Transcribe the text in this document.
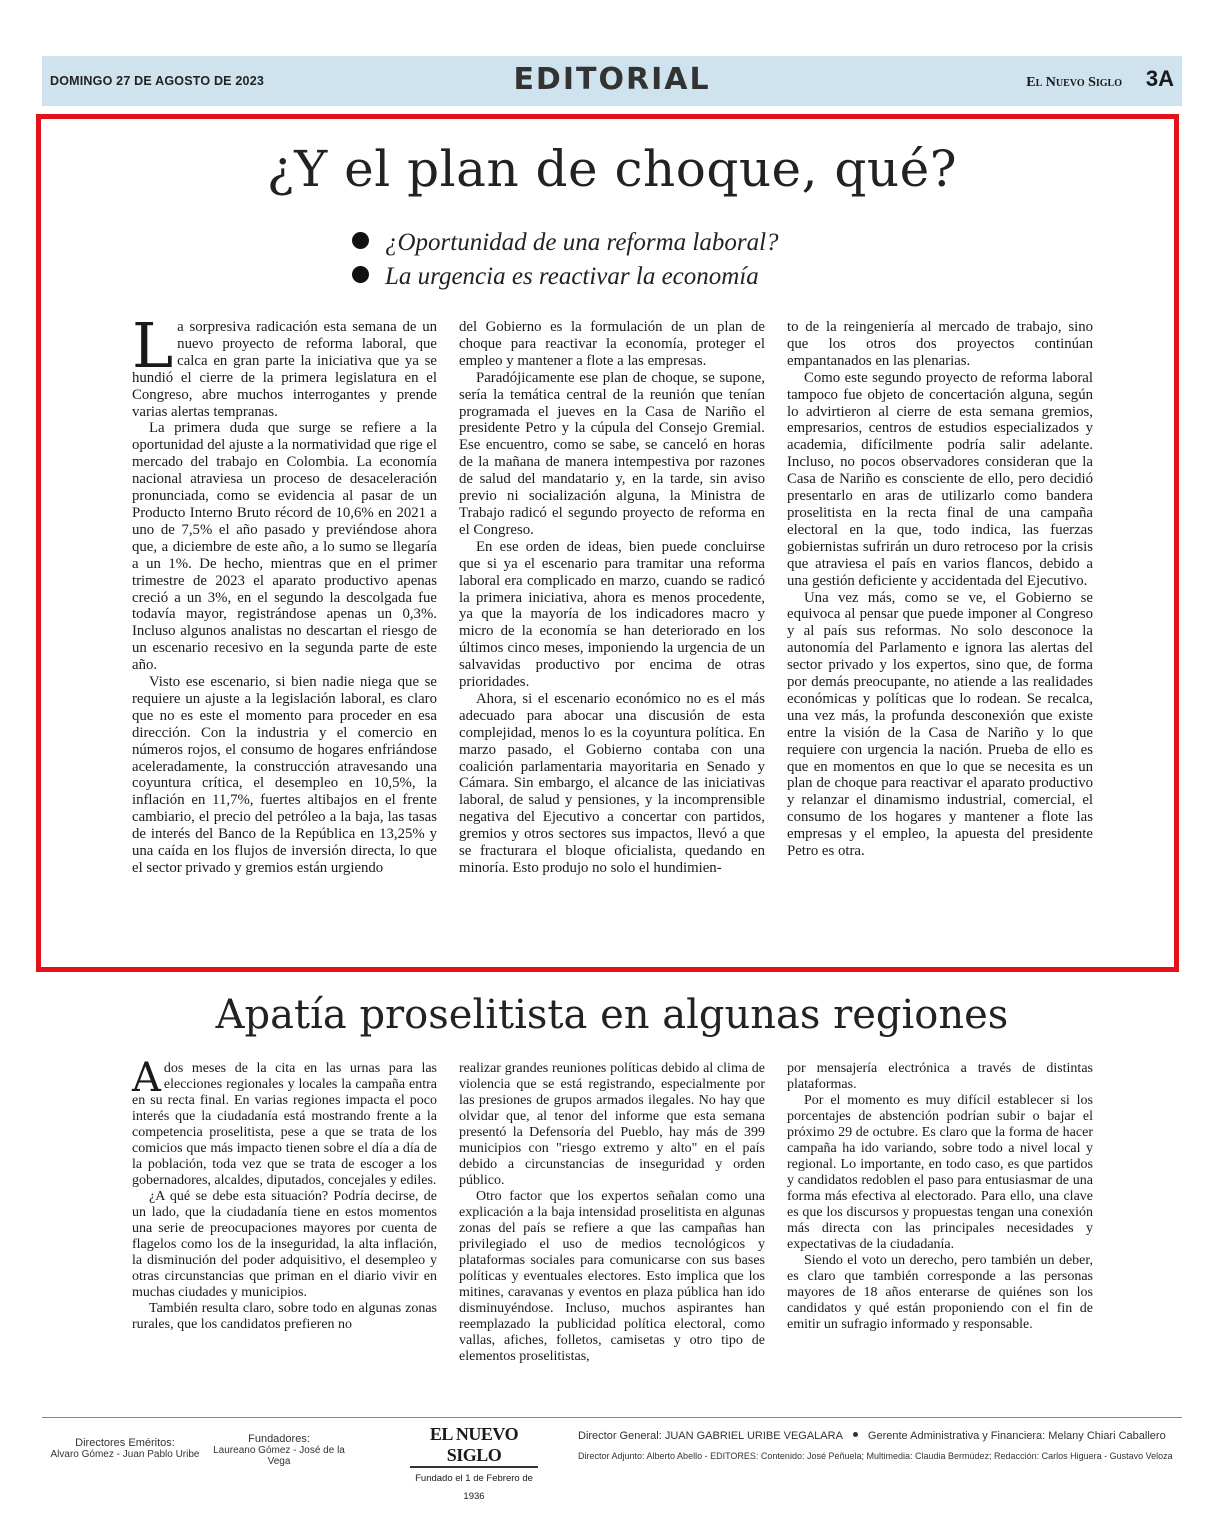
DOMINGO 27 DE AGOSTO DE 2023	EDITORIAL	El Nuevo Siglo 3A
¿Y el plan de choque, qué?
¿Oportunidad de una reforma laboral?
La urgencia es reactivar la economía

La sorpresiva radicación esta semana de un nuevo proyecto de reforma laboral, que calca en gran parte la iniciativa que ya se hundió el cierre de la primera legislatura en el Congreso, abre muchos interrogantes y prende varias alertas tempranas.

La primera duda que surge se refiere a la oportunidad del ajuste a la normatividad que rige el mercado del trabajo en Colombia. La economía nacional atraviesa un proceso de desaceleración pronunciada, como se evidencia al pasar de un Producto Interno Bruto récord de 10,6% en 2021 a uno de 7,5% el año pasado y previéndose ahora que, a diciembre de este año, a lo sumo se llegaría a un 1%. De hecho, mientras que en el primer trimestre de 2023 el aparato productivo apenas creció a un 3%, en el segundo la descolgada fue todavía mayor, registrándose apenas un 0,3%. Incluso algunos analistas no descartan el riesgo de un escenario recesivo en la segunda parte de este año.

Visto ese escenario, si bien nadie niega que se requiere un ajuste a la legislación laboral, es claro que no es este el momento para proceder en esa dirección. Con la industria y el comercio en números rojos, el consumo de hogares enfriándose aceleradamente, la construcción atravesando una coyuntura crítica, el desempleo en 10,5%, la inflación en 11,7%, fuertes altibajos en el frente cambiario, el precio del petróleo a la baja, las tasas de interés del Banco de la República en 13,25% y una caída en los flujos de inversión directa, lo que el sector privado y gremios están urgiendo

del Gobierno es la formulación de un plan de choque para reactivar la economía, proteger el empleo y mantener a flote a las empresas.

Paradójicamente ese plan de choque, se supone, sería la temática central de la reunión que tenían programada el jueves en la Casa de Nariño el presidente Petro y la cúpula del Consejo Gremial. Ese encuentro, como se sabe, se canceló en horas de la mañana de manera intempestiva por razones de salud del mandatario y, en la tarde, sin aviso previo ni socialización alguna, la Ministra de Trabajo radicó el segundo proyecto de reforma en el Congreso.

En ese orden de ideas, bien puede concluirse que si ya el escenario para tramitar una reforma laboral era complicado en marzo, cuando se radicó la primera iniciativa, ahora es menos procedente, ya que la mayoría de los indicadores macro y micro de la economía se han deteriorado en los últimos cinco meses, imponiendo la urgencia de un salvavidas productivo por encima de otras prioridades.

Ahora, si el escenario económico no es el más adecuado para abocar una discusión de esta complejidad, menos lo es la coyuntura política. En marzo pasado, el Gobierno contaba con una coalición parlamentaria mayoritaria en Senado y Cámara. Sin embargo, el alcance de las iniciativas laboral, de salud y pensiones, y la incomprensible negativa del Ejecutivo a concertar con partidos, gremios y otros sectores sus impactos, llevó a que se fracturara el bloque oficialista, quedando en minoría. Esto produjo no solo el hundimien-

to de la reingeniería al mercado de trabajo, sino que los otros dos proyectos continúan empantanados en las plenarias.

Como este segundo proyecto de reforma laboral tampoco fue objeto de concertación alguna, según lo advirtieron al cierre de esta semana gremios, empresarios, centros de estudios especializados y academia, difícilmente podría salir adelante. Incluso, no pocos observadores consideran que la Casa de Nariño es consciente de ello, pero decidió presentarlo en aras de utilizarlo como bandera proselitista en la recta final de una campaña electoral en la que, todo indica, las fuerzas gobiernistas sufrirán un duro retroceso por la crisis que atraviesa el país en varios flancos, debido a una gestión deficiente y accidentada del Ejecutivo.

Una vez más, como se ve, el Gobierno se equivoca al pensar que puede imponer al Congreso y al país sus reformas. No solo desconoce la autonomía del Parlamento e ignora las alertas del sector privado y los expertos, sino que, de forma por demás preocupante, no atiende a las realidades económicas y políticas que lo rodean. Se recalca, una vez más, la profunda desconexión que existe entre la visión de la Casa de Nariño y lo que requiere con urgencia la nación. Prueba de ello es que en momentos en que lo que se necesita es un plan de choque para reactivar el aparato productivo y relanzar el dinamismo industrial, comercial, el consumo de los hogares y mantener a flote las empresas y el empleo, la apuesta del presidente Petro es otra.

Apatía proselitista en algunas regiones

Ados meses de la cita en las urnas para las elecciones regionales y locales la campaña entra en su recta final. En varias regiones impacta el poco interés que la ciudadanía está mostrando frente a la competencia proselitista, pese a que se trata de los comicios que más impacto tienen sobre el día a día de la población, toda vez que se trata de escoger a los gobernadores, alcaldes, diputados, concejales y ediles.

¿A qué se debe esta situación? Podría decirse, de un lado, que la ciudadanía tiene en estos momentos una serie de preocupaciones mayores por cuenta de flagelos como los de la inseguridad, la alta inflación, la disminución del poder adquisitivo, el desempleo y otras circunstancias que priman en el diario vivir en muchas ciudades y municipios.

También resulta claro, sobre todo en algunas zonas rurales, que los candidatos prefieren no

realizar grandes reuniones políticas debido al clima de violencia que se está registrando, especialmente por las presiones de grupos armados ilegales. No hay que olvidar que, al tenor del informe que esta semana presentó la Defensoría del Pueblo, hay más de 399 municipios con "riesgo extremo y alto" en el país debido a circunstancias de inseguridad y orden público.

Otro factor que los expertos señalan como una explicación a la baja intensidad proselitista en algunas zonas del país se refiere a que las campañas han privilegiado el uso de medios tecnológicos y plataformas sociales para comunicarse con sus bases políticas y eventuales electores. Esto implica que los mitines, caravanas y eventos en plaza pública han ido disminuyéndose. Incluso, muchos aspirantes han reemplazado la publicidad política electoral, como vallas, afiches, folletos, camisetas y otro tipo de elementos proselitistas,

por mensajería electrónica a través de distintas plataformas.

Por el momento es muy difícil establecer si los porcentajes de abstención podrían subir o bajar el próximo 29 de octubre. Es claro que la forma de hacer campaña ha ido variando, sobre todo a nivel local y regional. Lo importante, en todo caso, es que partidos y candidatos redoblen el paso para entusiasmar de una forma más efectiva al electorado. Para ello, una clave es que los discursos y propuestas tengan una conexión más directa con las principales necesidades y expectativas de la ciudadanía.

Siendo el voto un derecho, pero también un deber, es claro que también corresponde a las personas mayores de 18 años enterarse de quiénes son los candidatos y qué están proponiendo con el fin de emitir un sufragio informado y responsable.

Directores Eméritos:
Alvaro Gómez - Juan Pablo Uribe
Fundadores:
Laureano Gómez - José de la Vega
EL NUEVO SIGLO
Fundado el 1 de Febrero de 1936
Director General: JUAN GABRIEL URIBE VEGALARA Gerente Administrativa y Financiera: Melany Chiari Caballero
Director Adjunto: Alberto Abello - EDITORES: Contenido: José Peñuela; Multimedia: Claudia Bermúdez; Redacción: Carlos Higuera - Gustavo Veloza
